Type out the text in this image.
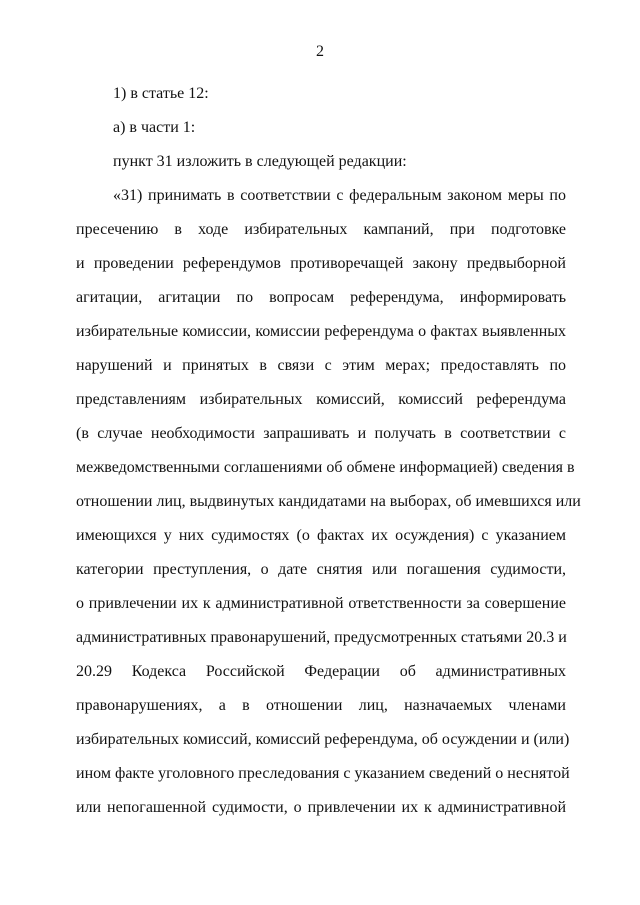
2
1) в статье 12:
а) в части 1:
пункт 31 изложить в следующей редакции:
«31) принимать в соответствии с федеральным законом меры по
пресечению в ходе избирательных кампаний, при подготовке
и проведении референдумов противоречащей закону предвыборной
агитации, агитации по вопросам референдума, информировать
избирательные комиссии, комиссии референдума о фактах выявленных
нарушений и принятых в связи с этим мерах; предоставлять по
представлениям избирательных комиссий, комиссий референдума
(в случае необходимости запрашивать и получать в соответствии с
межведомственными соглашениями об обмене информацией) сведения в
отношении лиц, выдвинутых кандидатами на выборах, об имевшихся или
имеющихся у них судимостях (о фактах их осуждения) с указанием
категории преступления, о дате снятия или погашения судимости,
о привлечении их к административной ответственности за совершение
административных правонарушений, предусмотренных статьями 20.3 и
20.29 Кодекса Российской Федерации об административных
правонарушениях, а в отношении лиц, назначаемых членами
избирательных комиссий, комиссий референдума, об осуждении и (или)
ином факте уголовного преследования с указанием сведений о неснятой
или непогашенной судимости, о привлечении их к административной
